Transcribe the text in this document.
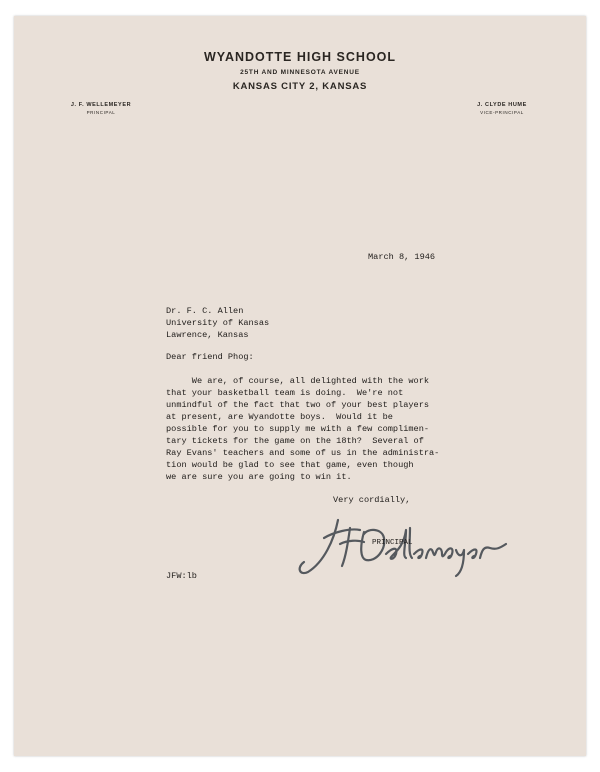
WYANDOTTE HIGH SCHOOL
25TH AND MINNESOTA AVENUE
KANSAS CITY 2, KANSAS
J. F. WELLEMEYER
PRINCIPAL
J. CLYDE HUME
VICE-PRINCIPAL
March 8, 1946
Dr. F. C. Allen
University of Kansas
Lawrence, Kansas
Dear friend Phog:
We are, of course, all delighted with the work
that your basketball team is doing.  We're not
unmindful of the fact that two of your best players
at present, are Wyandotte boys.  Would it be
possible for you to supply me with a few complimen-
tary tickets for the game on the 18th?  Several of
Ray Evans' teachers and some of us in the administra-
tion would be glad to see that game, even though
we are sure you are going to win it.
Very cordially,
PRINCIPAL
JFW:lb
